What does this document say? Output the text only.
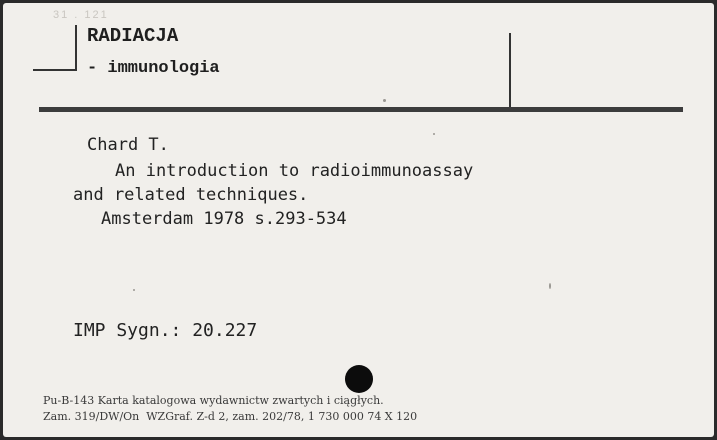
31 . 121
RADIACJA
- immunologia
Chard T.
An introduction to radioimmunoassay
and related techniques.
Amsterdam 1978 s.293-534
IMP Sygn.: 20.227
Pu-B-143 Karta katalogowa wydawnictw zwartych i ciągłych.
Zam. 319/DW/On  WZGraf. Z-d 2, zam. 202/78, 1 730 000 74 X 120
